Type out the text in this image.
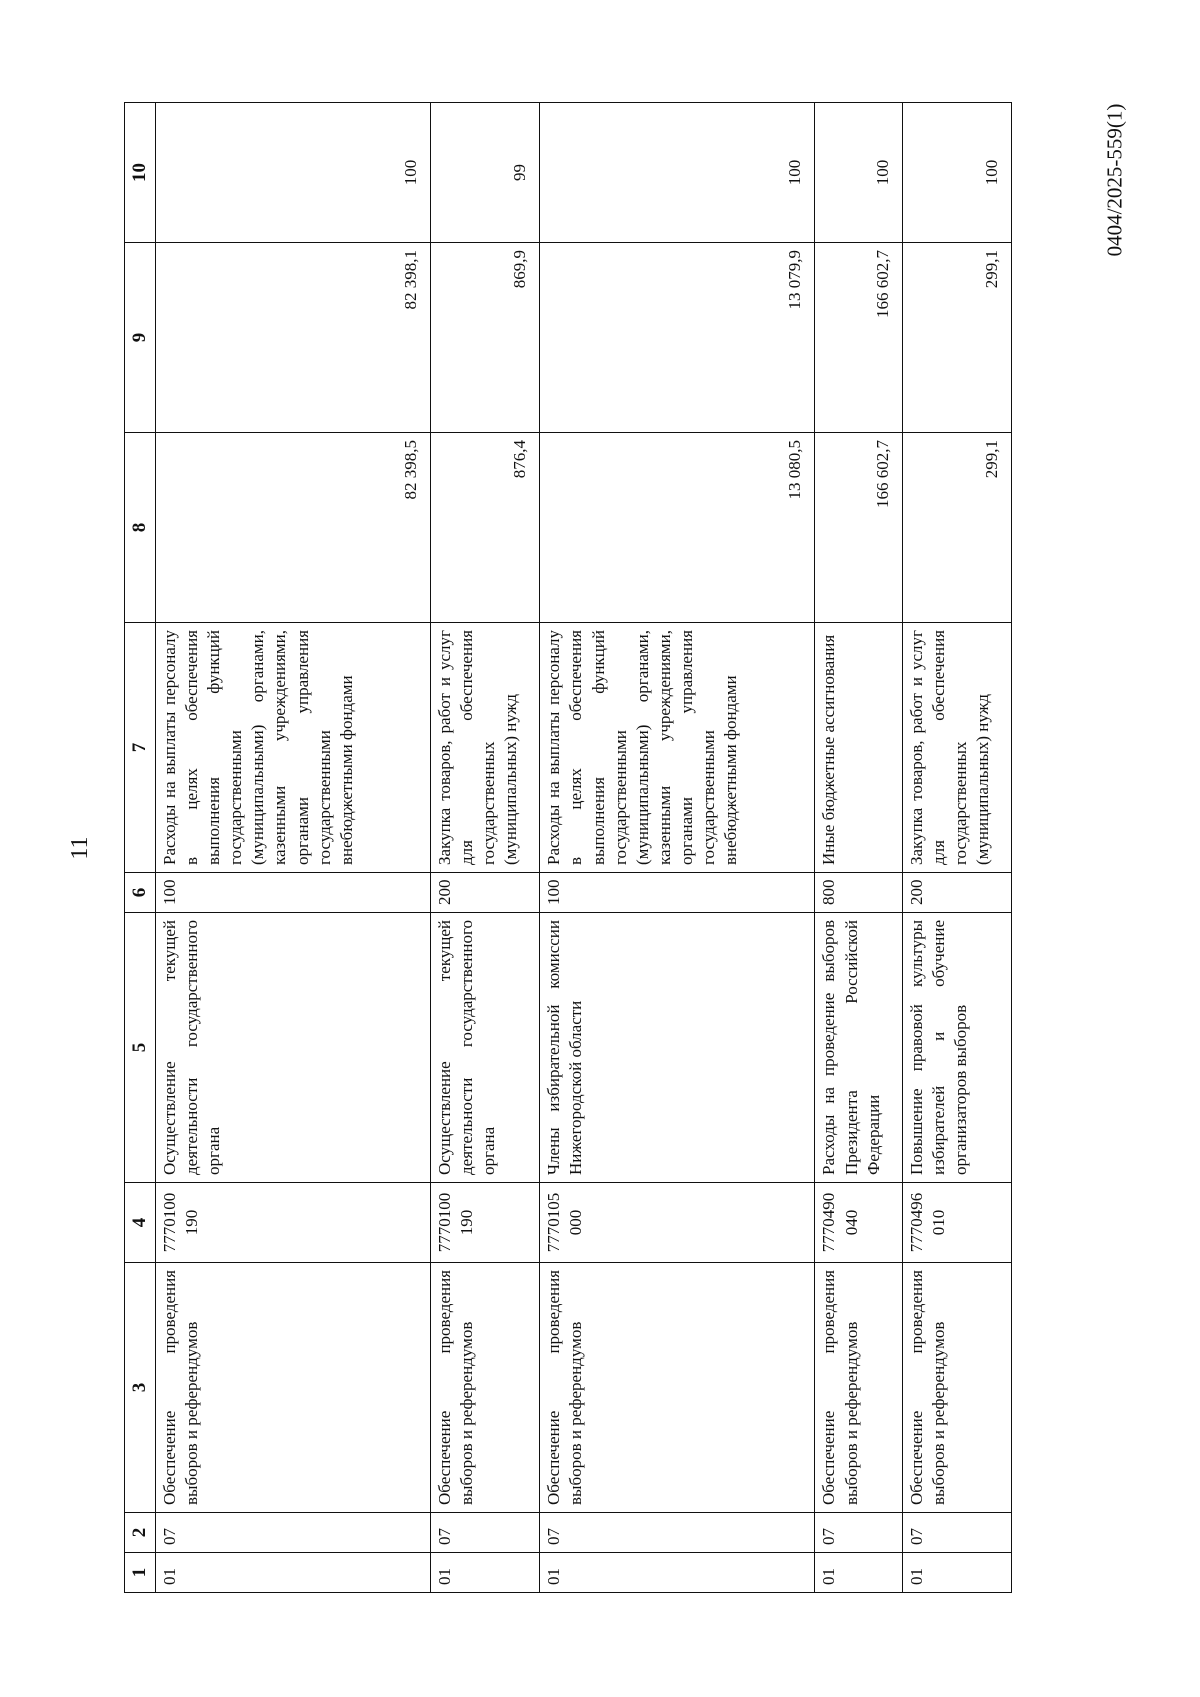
11
0404/2025-559(1)
1	2	3	4	5	6	7	8	9	10
01	07	Обеспечение проведения выборов и референдумов	7770100 190	Осуществление текущей деятельности государственного органа	100	Расходы на выплаты персоналу в целях обеспечения выполнения функций государственными (муниципальными) органами, казенными учреждениями, органами управления государственными внебюджетными фондами	82 398,5	82 398,1	100
01	07	Обеспечение проведения выборов и референдумов	7770100 190	Осуществление текущей деятельности государственного органа	200	Закупка товаров, работ и услуг для обеспечения государственных (муниципальных) нужд	876,4	869,9	99
01	07	Обеспечение проведения выборов и референдумов	7770105 000	Члены избирательной комиссии Нижегородской области	100	Расходы на выплаты персоналу в целях обеспечения выполнения функций государственными (муниципальными) органами, казенными учреждениями, органами управления государственными внебюджетными фондами	13 080,5	13 079,9	100
01	07	Обеспечение проведения выборов и референдумов	7770490 040	Расходы на проведение выборов Президента Российской Федерации	800	Иные бюджетные ассигнования	166 602,7	166 602,7	100
01	07	Обеспечение проведения выборов и референдумов	7770496 010	Повышение правовой культуры избирателей и обучение организаторов выборов	200	Закупка товаров, работ и услуг для обеспечения государственных (муниципальных) нужд	299,1	299,1	100
